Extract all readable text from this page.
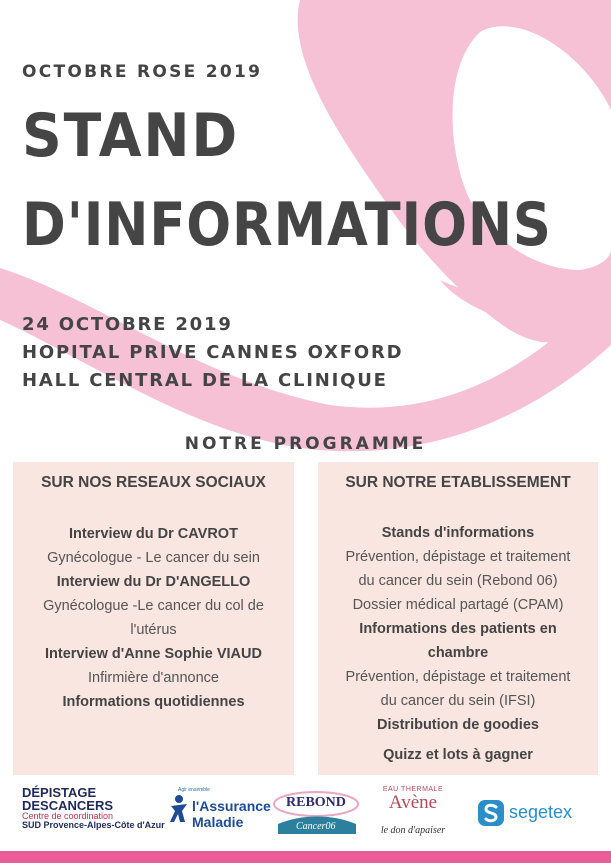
OCTOBRE ROSE 2019

STAND
D'INFORMATIONS

24 OCTOBRE 2019

HOPITAL PRIVE CANNES OXFORD

HALL CENTRAL DE LA CLINIQUE

NOTRE PROGRAMME

SUR NOS RESEAUX SOCIAUX

Interview du Dr CAVROT

Gynécologue - Le cancer du sein

Interview du Dr D'ANGELLO

Gynécologue -Le cancer du col de

l'utérus

Interview d'Anne Sophie VIAUD

Infirmière d'annonce

Informations quotidiennes

SUR NOTRE ETABLISSEMENT

Stands d'informations

Prévention, dépistage et traitement

du cancer du sein (Rebond 06)

Dossier médical partagé (CPAM)

Informations des patients en

chambre

Prévention, dépistage et traitement

du cancer du sein (IFSI)

Distribution de goodies

Quizz et lots à gagner

DÉPISTAGE
DESCANCERS
Centre de coordination
SUD Provence-Alpes-Côte d'Azur
Agir ensemble
l'Assurance
Maladie
REBOND
Cancer06
EAU THERMALE
Avène
le don d'apaiser
segetex
